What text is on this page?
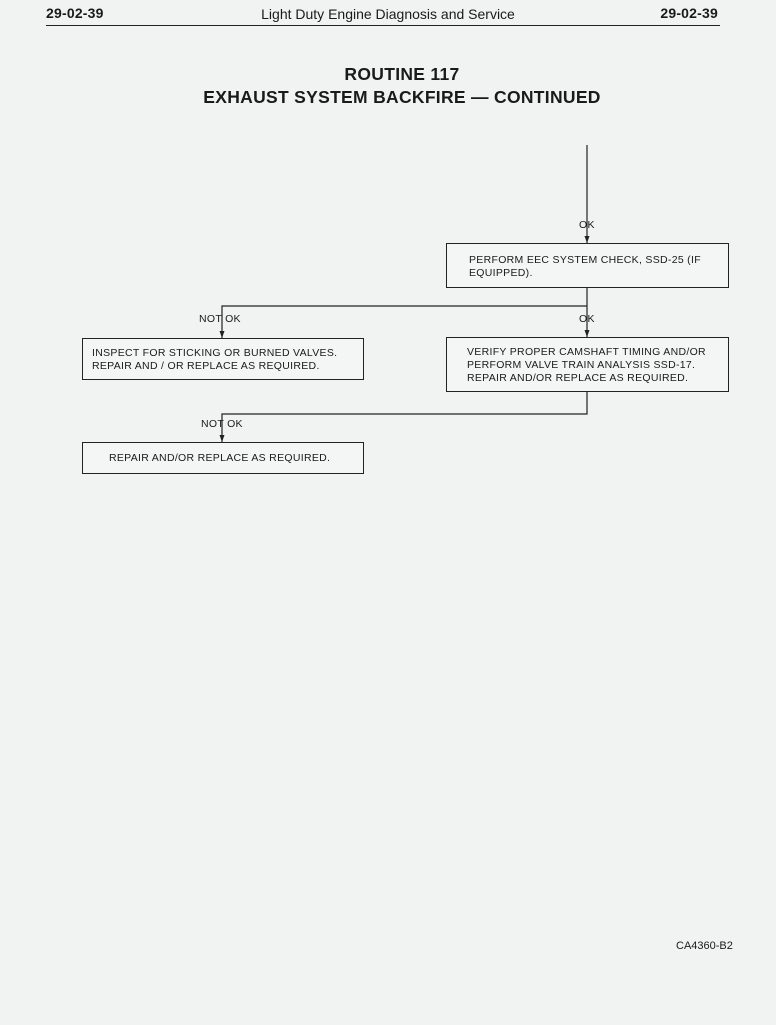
29-02-39	Light Duty Engine Diagnosis and Service	29-02-39
ROUTINE 117
EXHAUST SYSTEM BACKFIRE — CONTINUED
OK
PERFORM EEC SYSTEM CHECK, SSD-25 (IF
EQUIPPED).
NOT OK	OK
INSPECT FOR STICKING OR BURNED VALVES.
REPAIR AND / OR REPLACE AS REQUIRED.
VERIFY PROPER CAMSHAFT TIMING AND/OR
PERFORM VALVE TRAIN ANALYSIS SSD-17.
REPAIR AND/OR REPLACE AS REQUIRED.
NOT OK
REPAIR AND/OR REPLACE AS REQUIRED.
CA4360-B2
